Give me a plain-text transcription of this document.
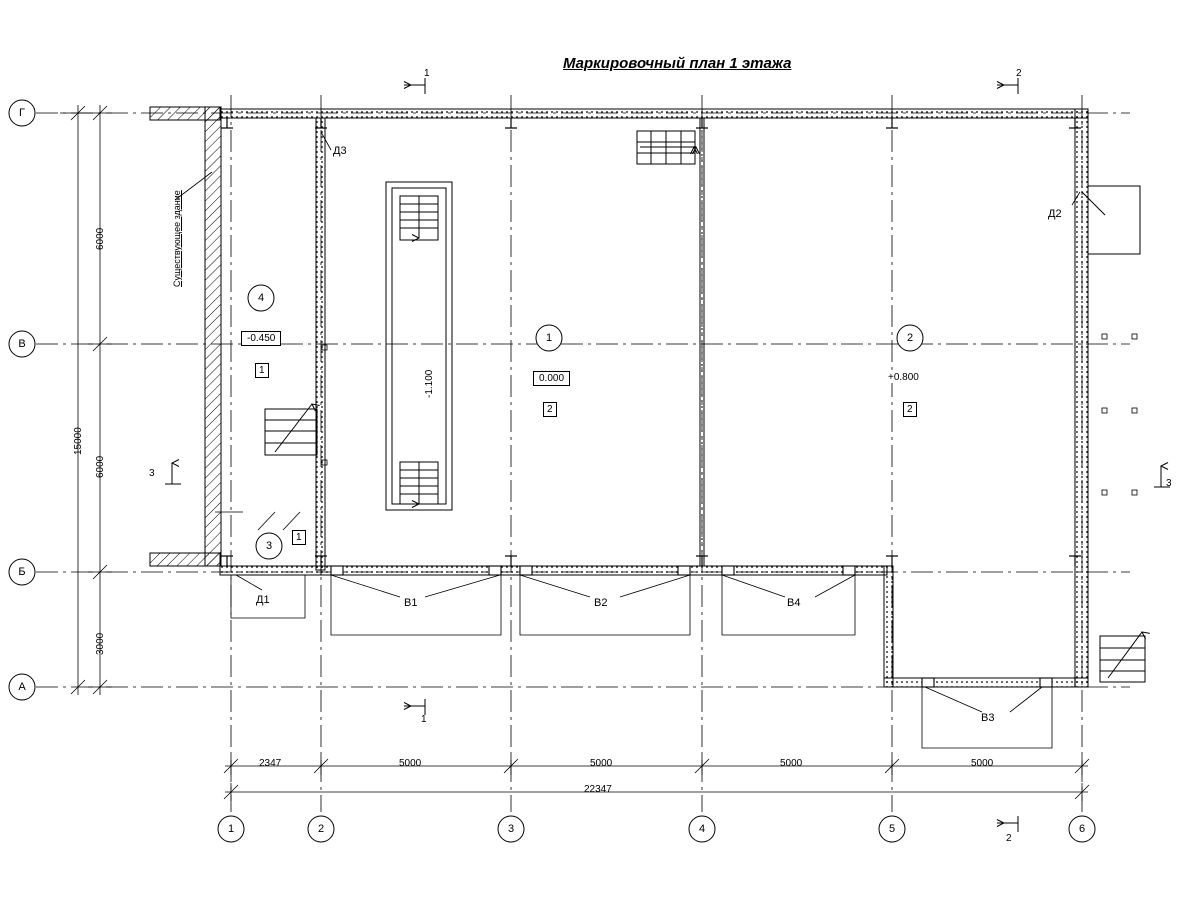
Маркировочный план 1 этажа
Г
В
Б
А
1	2	3	4	5	6
4
3
1	2
-0.450
1
1
0.000
2
+0.800
2
-1.100
Существующее здание
Д3
Д2
Д1	В1	В2	В4
В3
6000
6000
3000
15000
2347	5000	5000	5000	5000
22347
1	2
1
2
3
3
